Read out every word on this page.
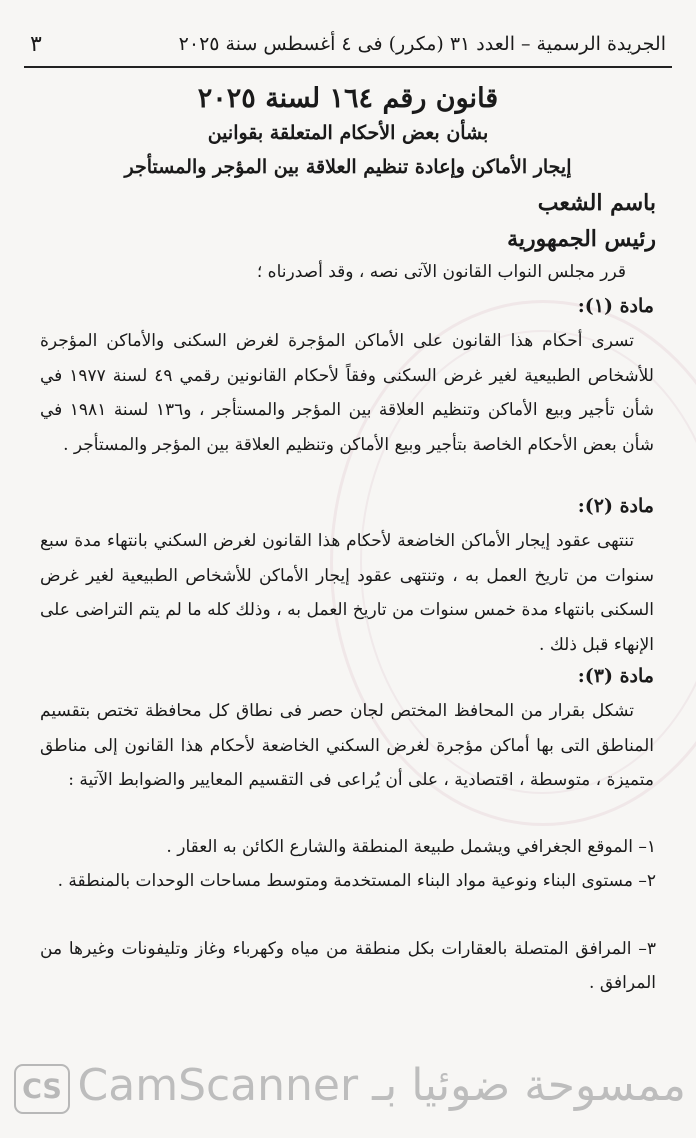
الجريدة الرسمية – العدد ٣١ (مكرر) فى ٤ أغسطس سنة ٢٠٢٥
٣
قانون رقم ١٦٤ لسنة ٢٠٢٥
بشأن بعض الأحكام المتعلقة بقوانين
إيجار الأماكن وإعادة تنظيم العلاقة بين المؤجر والمستأجر
باسم الشعب
رئيس الجمهورية
قرر مجلس النواب القانون الآتى نصه ، وقد أصدرناه ؛
مادة (١):
تسرى أحكام هذا القانون على الأماكن المؤجرة لغرض السكنى والأماكن المؤجرة للأشخاص الطبيعية لغير غرض السكنى وفقاً لأحكام القانونين رقمي ٤٩ لسنة ١٩٧٧ في شأن تأجير وبيع الأماكن وتنظيم العلاقة بين المؤجر والمستأجر ، و١٣٦ لسنة ١٩٨١ في شأن بعض الأحكام الخاصة بتأجير وبيع الأماكن وتنظيم العلاقة بين المؤجر والمستأجر .
مادة (٢):
تنتهى عقود إيجار الأماكن الخاضعة لأحكام هذا القانون لغرض السكني بانتهاء مدة سبع سنوات من تاريخ العمل به ، وتنتهى عقود إيجار الأماكن للأشخاص الطبيعية لغير غرض السكنى بانتهاء مدة خمس سنوات من تاريخ العمل به ، وذلك كله ما لم يتم التراضى على الإنهاء قبل ذلك .
مادة (٣):
تشكل بقرار من المحافظ المختص لجان حصر فى نطاق كل محافظة تختص بتقسيم المناطق التى بها أماكن مؤجرة لغرض السكني الخاضعة لأحكام هذا القانون إلى مناطق متميزة ، متوسطة ، اقتصادية ، على أن يُراعى فى التقسيم المعايير والضوابط الآتية :
١– الموقع الجغرافي ويشمل طبيعة المنطقة والشارع الكائن به العقار .
٢– مستوى البناء ونوعية مواد البناء المستخدمة ومتوسط مساحات الوحدات بالمنطقة .
٣– المرافق المتصلة بالعقارات بكل منطقة من مياه وكهرباء وغاز وتليفونات وغيرها من المرافق .
CS ممسوحة ضوئيا بـ CamScanner
